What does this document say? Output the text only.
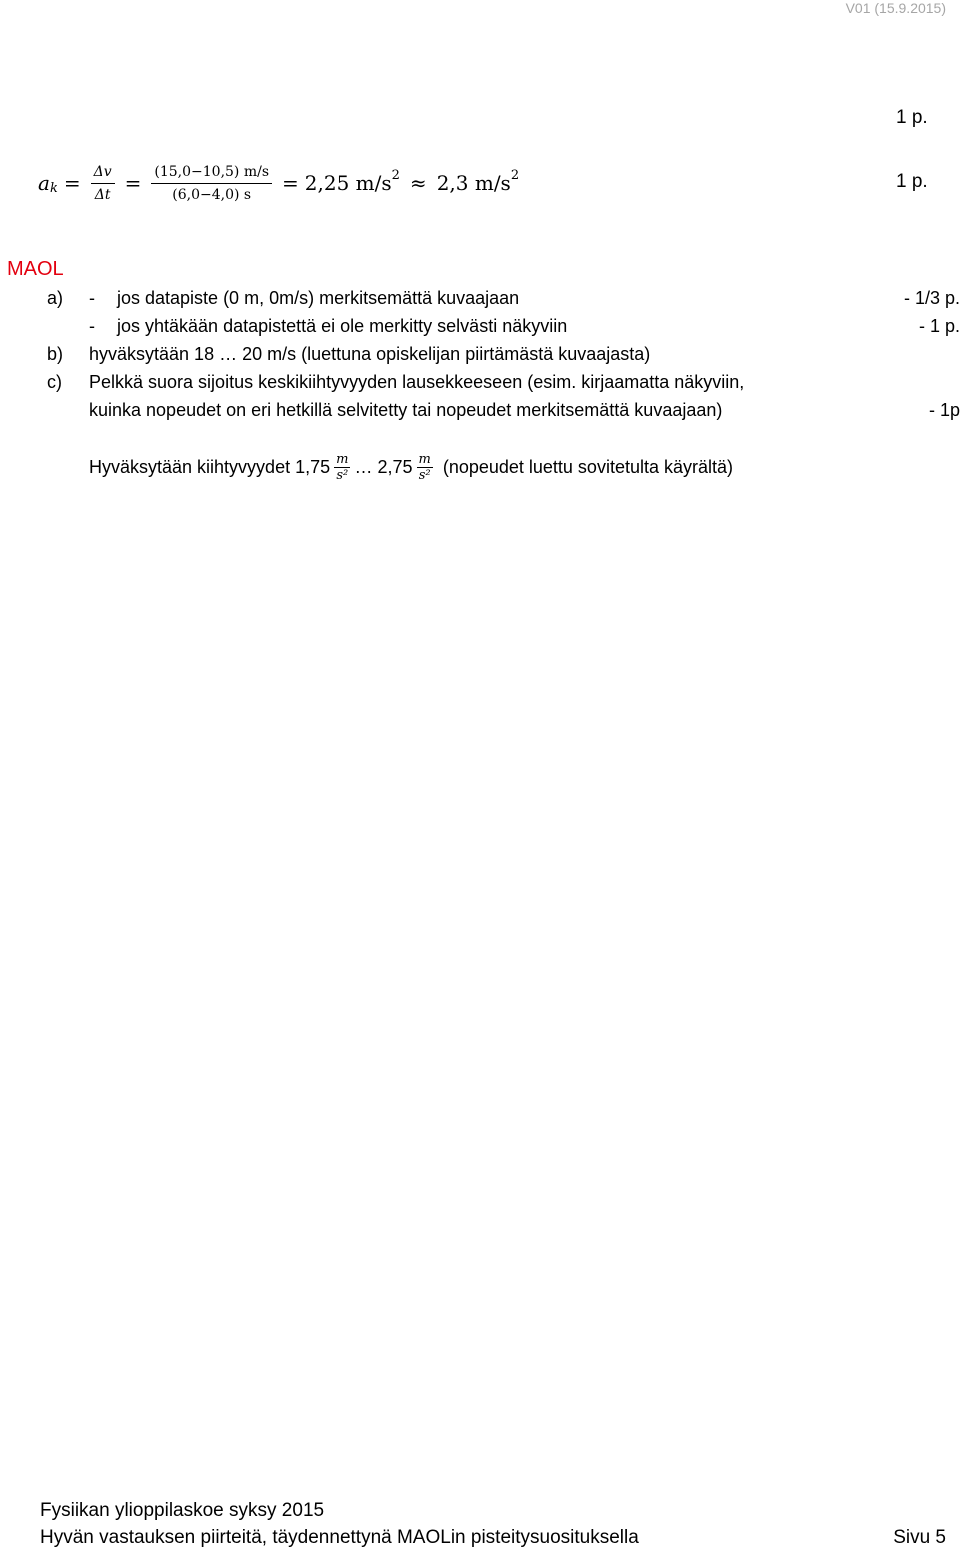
V01 (15.9.2015)
1 p.
a $k = \frac{\Delta v}{\Delta t} = \frac{(15,0-10,5) m/s}{(6,0-4,0) s} = 2,25$ m/s 2 ≈ 2,3 m/s 2	1 p.
MAOL
a) - jos datapiste (0 m, 0m/s) merkitsemättä kuvaajaan	- 1/3 p.
- jos yhtäkään datapistettä ei ole merkitty selvästi näkyviin	- 1 p.
b) hyväksytään 18 … 20 m/s (luettuna opiskelijan piirtämästä kuvaajasta)
c) Pelkkä suora sijoitus keskikiihtyvyyden lausekkeeseen (esim. kirjaamatta näkyviin,
kuinka nopeudet on eri hetkillä selvitetty tai nopeudet merkitsemättä kuvaajaan)	- 1p
Hyväksytään kiihtyvyydet $1,75 \frac{m}{\text{s²}}$ … $2,75 \frac{m}{\text{s²}}$ (nopeudet luettu sovitetulta käyrältä)
Fysiikan ylioppilaskoe syksy 2015
Hyvän vastauksen piirteitä, täydennettynä MAOLin pisteitysuosituksella	Sivu 5
